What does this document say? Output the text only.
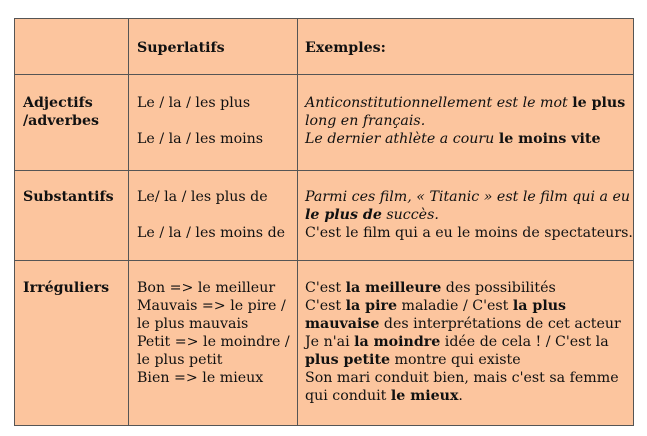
Superlatifs	Exemples:
Adjectifs
/adverbes
Le / la / les plus
Le / la / les moins
Anticonstitutionnellement est le mot le plus
long en français.
Le dernier athlète a couru le moins vite
Substantifs Le/ la / les plus de
Le / la / les moins de
Parmi ces film, « Titanic » est le film qui a eu
le plus de succès.
C'est le film qui a eu le moins de spectateurs.
Irréguliers Bon => le meilleur
Mauvais => le pire /
le plus mauvais
Petit => le moindre /
le plus petit
Bien => le mieux
C'est la meilleure des possibilités
C'est la pire maladie / C'est la plus
mauvaise des interprétations de cet acteur
Je n'ai la moindre idée de cela ! / C'est la
plus petite montre qui existe
Son mari conduit bien, mais c'est sa femme
qui conduit le mieux.
